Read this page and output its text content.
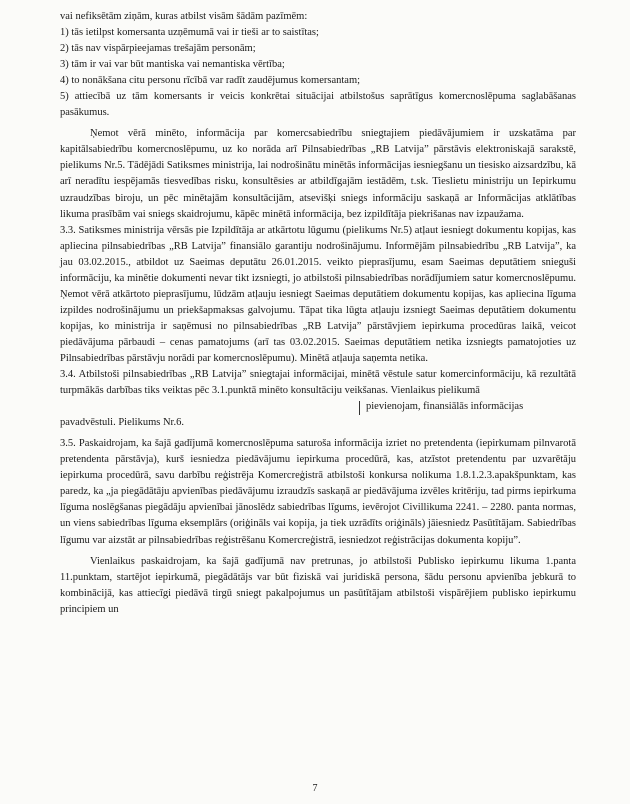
vai nefiksētām ziņām, kuras atbilst visām šādām pazīmēm:

1) tās ietilpst komersanta uzņēmumā vai ir tieši ar to saistītas;

2) tās nav vispārpieejamas trešajām personām;

3) tām ir vai var būt mantiska vai nemantiska vērtība;

4) to nonākšana citu personu rīcībā var radīt zaudējumus komersantam;

5) attiecībā uz tām komersants ir veicis konkrētai situācijai atbilstošus saprātīgus komercnoslēpuma saglabāšanas pasākumus.

Ņemot vērā minēto, informācija par komercsabiedrību sniegtajiem piedāvājumiem ir uzskatāma par kapitālsabiedrību komercnoslēpumu, uz ko norāda arī Pilnsabiedrības „RB Latvija” pārstāvis elektroniskajā sarakstē, pielikums Nr.5. Tādējādi Satiksmes ministrija, lai nodrošinātu minētās informācijas iesniegšanu un tiesisko aizsardzību, kā arī neradītu iespējamās tiesvedības risku, konsultēsies ar atbildīgajām iestādēm, t.sk. Tieslietu ministriju un Iepirkumu uzraudzības biroju, un pēc minētajām konsultācijām, atsevišķi sniegs informāciju saskaņā ar Informācijas atklātības likuma prasībām vai sniegs skaidrojumu, kāpēc minētā informācija, bez izpildītāja piekrišanas nav izpaužama.

3.3. Satiksmes ministrija vērsās pie Izpildītāja ar atkārtotu lūgumu (pielikums Nr.5) atļaut iesniegt dokumentu kopijas, kas apliecina pilnsabiedrības „RB Latvija” finansiālo garantiju nodrošinājumu. Informējām pilnsabiedrību „RB Latvija”, ka jau 03.02.2015., atbildot uz Saeimas deputātu 26.01.2015. veikto pieprasījumu, esam Saeimas deputātiem snieguši informāciju, ka minētie dokumenti nevar tikt izsniegti, jo atbilstoši pilnsabiedrības norādījumiem satur komercnoslēpumu. Ņemot vērā atkārtoto pieprasījumu, lūdzām atļauju iesniegt Saeimas deputātiem dokumentu kopijas, kas apliecina līguma izpildes nodrošinājumu un priekšapmaksas galvojumu. Tāpat tika lūgta atļauju izsniegt Saeimas deputātiem dokumentu kopijas, ko ministrija ir saņēmusi no pilnsabiedrības „RB Latvija” pārstāvjiem iepirkuma procedūras laikā, veicot piedāvājuma pārbaudi – cenas pamatojums (arī tas 03.02.2015. Saeimas deputātiem netika izsniegts pamatojoties uz Pilnsabiedrības pārstāvju norādi par komercnoslēpumu). Minētā atļauja saņemta netika.

3.4. Atbilstoši pilnsabiedrības „RB Latvija” sniegtajai informācijai, minētā vēstule satur komercinformāciju, kā rezultātā turpmākās darbības tiks veiktas pēc 3.1.punktā minēto konsultāciju veikšanas. Vienlaikus pielikumā

pievienojam, finansiālās informācijas

pavadvēstuli. Pielikums Nr.6.

3.5. Paskaidrojam, ka šajā gadījumā komercnoslēpuma saturoša informācija izriet no pretendenta (iepirkumam pilnvarotā pretendenta pārstāvja), kurš iesniedza piedāvājumu iepirkuma procedūrā, kas, atzīstot pretendentu par uzvarētāju iepirkuma procedūrā, savu darbību reģistrēja Komercreģistrā atbilstoši konkursa nolikuma 1.8.1.2.3.apakšpunktam, kas paredz, ka „ja piegādātāju apvienības piedāvājumu izraudzīs saskaņā ar piedāvājuma izvēles kritēriju, tad pirms iepirkuma līguma noslēgšanas piegādāju apvienībai jānoslēdz sabiedrības līgums, ievērojot Civillikuma 2241. – 2280. panta normas, un viens sabiedrības līguma eksemplārs (oriģināls vai kopija, ja tiek uzrādīts oriģināls) jāiesniedz Pasūtītājam. Sabiedrības līgumu var aizstāt ar pilnsabiedrības reģistrēšanu Komercreģistrā, iesniedzot reģistrācijas dokumenta kopiju”.

Vienlaikus paskaidrojam, ka šajā gadījumā nav pretrunas, jo atbilstoši Publisko iepirkumu likuma 1.panta 11.punktam, startējot iepirkumā, piegādātājs var būt fiziskā vai juridiskā persona, šādu personu apvienība jebkurā to kombinācijā, kas attiecīgi piedāvā tirgū sniegt pakalpojumus un pasūtītājam atbilstoši vispārējiem publisko iepirkumu principiem un

7
